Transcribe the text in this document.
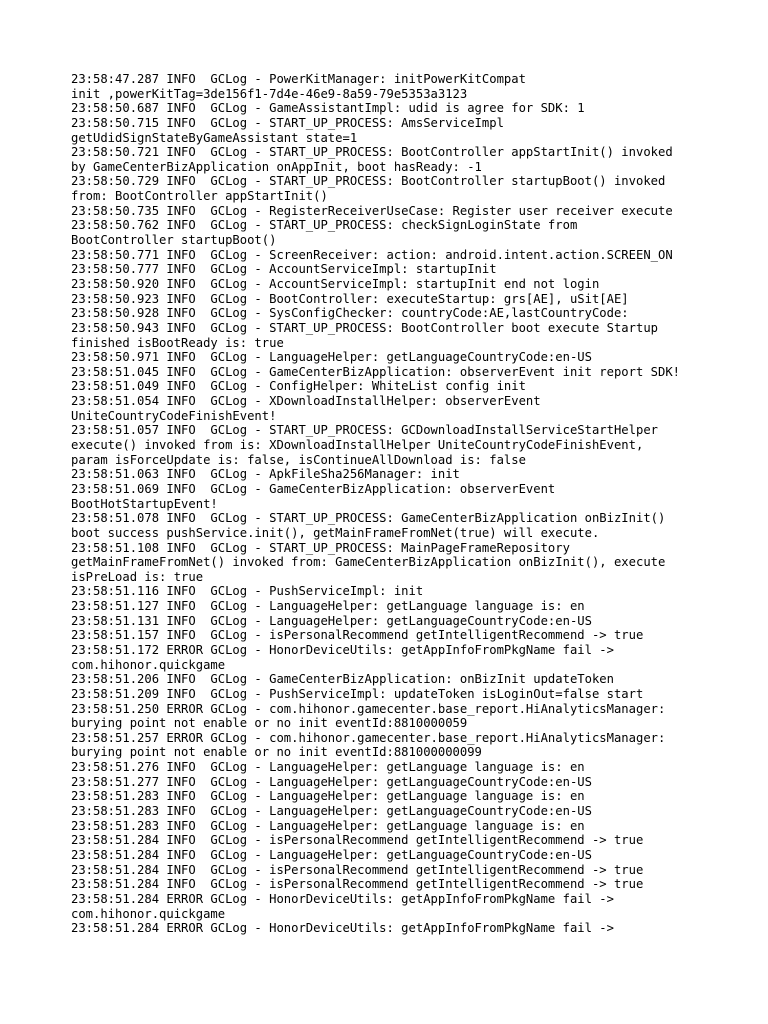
23:58:47.287 INFO  GCLog - PowerKitManager: initPowerKitCompat
init ,powerKitTag=3de156f1-7d4e-46e9-8a59-79e5353a3123
23:58:50.687 INFO  GCLog - GameAssistantImpl: udid is agree for SDK: 1
23:58:50.715 INFO  GCLog - START_UP_PROCESS: AmsServiceImpl
getUdidSignStateByGameAssistant state=1
23:58:50.721 INFO  GCLog - START_UP_PROCESS: BootController appStartInit() invoked
by GameCenterBizApplication onAppInit, boot hasReady: -1
23:58:50.729 INFO  GCLog - START_UP_PROCESS: BootController startupBoot() invoked
from: BootController appStartInit()
23:58:50.735 INFO  GCLog - RegisterReceiverUseCase: Register user receiver execute
23:58:50.762 INFO  GCLog - START_UP_PROCESS: checkSignLoginState from
BootController startupBoot()
23:58:50.771 INFO  GCLog - ScreenReceiver: action: android.intent.action.SCREEN_ON
23:58:50.777 INFO  GCLog - AccountServiceImpl: startupInit
23:58:50.920 INFO  GCLog - AccountServiceImpl: startupInit end not login
23:58:50.923 INFO  GCLog - BootController: executeStartup: grs[AE], uSit[AE]
23:58:50.928 INFO  GCLog - SysConfigChecker: countryCode:AE,lastCountryCode:
23:58:50.943 INFO  GCLog - START_UP_PROCESS: BootController boot execute Startup
finished isBootReady is: true
23:58:50.971 INFO  GCLog - LanguageHelper: getLanguageCountryCode:en-US
23:58:51.045 INFO  GCLog - GameCenterBizApplication: observerEvent init report SDK!
23:58:51.049 INFO  GCLog - ConfigHelper: WhiteList config init
23:58:51.054 INFO  GCLog - XDownloadInstallHelper: observerEvent
UniteCountryCodeFinishEvent!
23:58:51.057 INFO  GCLog - START_UP_PROCESS: GCDownloadInstallServiceStartHelper
execute() invoked from is: XDownloadInstallHelper UniteCountryCodeFinishEvent,
param isForceUpdate is: false, isContinueAllDownload is: false
23:58:51.063 INFO  GCLog - ApkFileSha256Manager: init
23:58:51.069 INFO  GCLog - GameCenterBizApplication: observerEvent
BootHotStartupEvent!
23:58:51.078 INFO  GCLog - START_UP_PROCESS: GameCenterBizApplication onBizInit()
boot success pushService.init(), getMainFrameFromNet(true) will execute.
23:58:51.108 INFO  GCLog - START_UP_PROCESS: MainPageFrameRepository
getMainFrameFromNet() invoked from: GameCenterBizApplication onBizInit(), execute
isPreLoad is: true
23:58:51.116 INFO  GCLog - PushServiceImpl: init
23:58:51.127 INFO  GCLog - LanguageHelper: getLanguage language is: en
23:58:51.131 INFO  GCLog - LanguageHelper: getLanguageCountryCode:en-US
23:58:51.157 INFO  GCLog - isPersonalRecommend getIntelligentRecommend -> true
23:58:51.172 ERROR GCLog - HonorDeviceUtils: getAppInfoFromPkgName fail ->
com.hihonor.quickgame
23:58:51.206 INFO  GCLog - GameCenterBizApplication: onBizInit updateToken
23:58:51.209 INFO  GCLog - PushServiceImpl: updateToken isLoginOut=false start
23:58:51.250 ERROR GCLog - com.hihonor.gamecenter.base_report.HiAnalyticsManager:
burying point not enable or no init eventId:8810000059
23:58:51.257 ERROR GCLog - com.hihonor.gamecenter.base_report.HiAnalyticsManager:
burying point not enable or no init eventId:881000000099
23:58:51.276 INFO  GCLog - LanguageHelper: getLanguage language is: en
23:58:51.277 INFO  GCLog - LanguageHelper: getLanguageCountryCode:en-US
23:58:51.283 INFO  GCLog - LanguageHelper: getLanguage language is: en
23:58:51.283 INFO  GCLog - LanguageHelper: getLanguageCountryCode:en-US
23:58:51.283 INFO  GCLog - LanguageHelper: getLanguage language is: en
23:58:51.284 INFO  GCLog - isPersonalRecommend getIntelligentRecommend -> true
23:58:51.284 INFO  GCLog - LanguageHelper: getLanguageCountryCode:en-US
23:58:51.284 INFO  GCLog - isPersonalRecommend getIntelligentRecommend -> true
23:58:51.284 INFO  GCLog - isPersonalRecommend getIntelligentRecommend -> true
23:58:51.284 ERROR GCLog - HonorDeviceUtils: getAppInfoFromPkgName fail ->
com.hihonor.quickgame
23:58:51.284 ERROR GCLog - HonorDeviceUtils: getAppInfoFromPkgName fail ->
